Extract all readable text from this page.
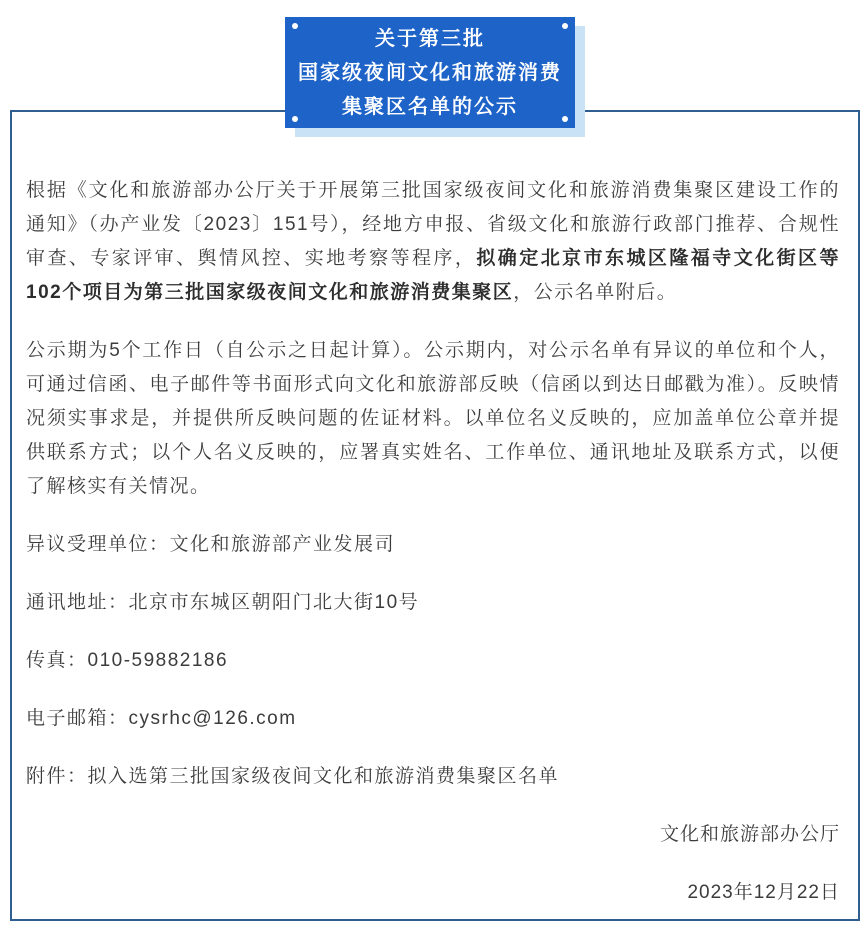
关于第三批
国家级夜间文化和旅游消费
集聚区名单的公示

根据《文化和旅游部办公厅关于开展第三批国家级夜间文化和旅游消费集聚区建设工作的通知》（办产业发〔2023〕151号），经地方申报、省级文化和旅游行政部门推荐、合规性审查、专家评审、舆情风控、实地考察等程序，拟确定北京市东城区隆福寺文化街区等102个项目为第三批国家级夜间文化和旅游消费集聚区，公示名单附后。

公示期为5个工作日（自公示之日起计算）。公示期内，对公示名单有异议的单位和个人，可通过信函、电子邮件等书面形式向文化和旅游部反映（信函以到达日邮戳为准）。反映情况须实事求是，并提供所反映问题的佐证材料。以单位名义反映的，应加盖单位公章并提供联系方式；以个人名义反映的，应署真实姓名、工作单位、通讯地址及联系方式，以便了解核实有关情况。

异议受理单位：文化和旅游部产业发展司

通讯地址：北京市东城区朝阳门北大街10号

传真：010-59882186

电子邮箱：cysrhc@126.com

附件：拟入选第三批国家级夜间文化和旅游消费集聚区名单

文化和旅游部办公厅

2023年12月22日
